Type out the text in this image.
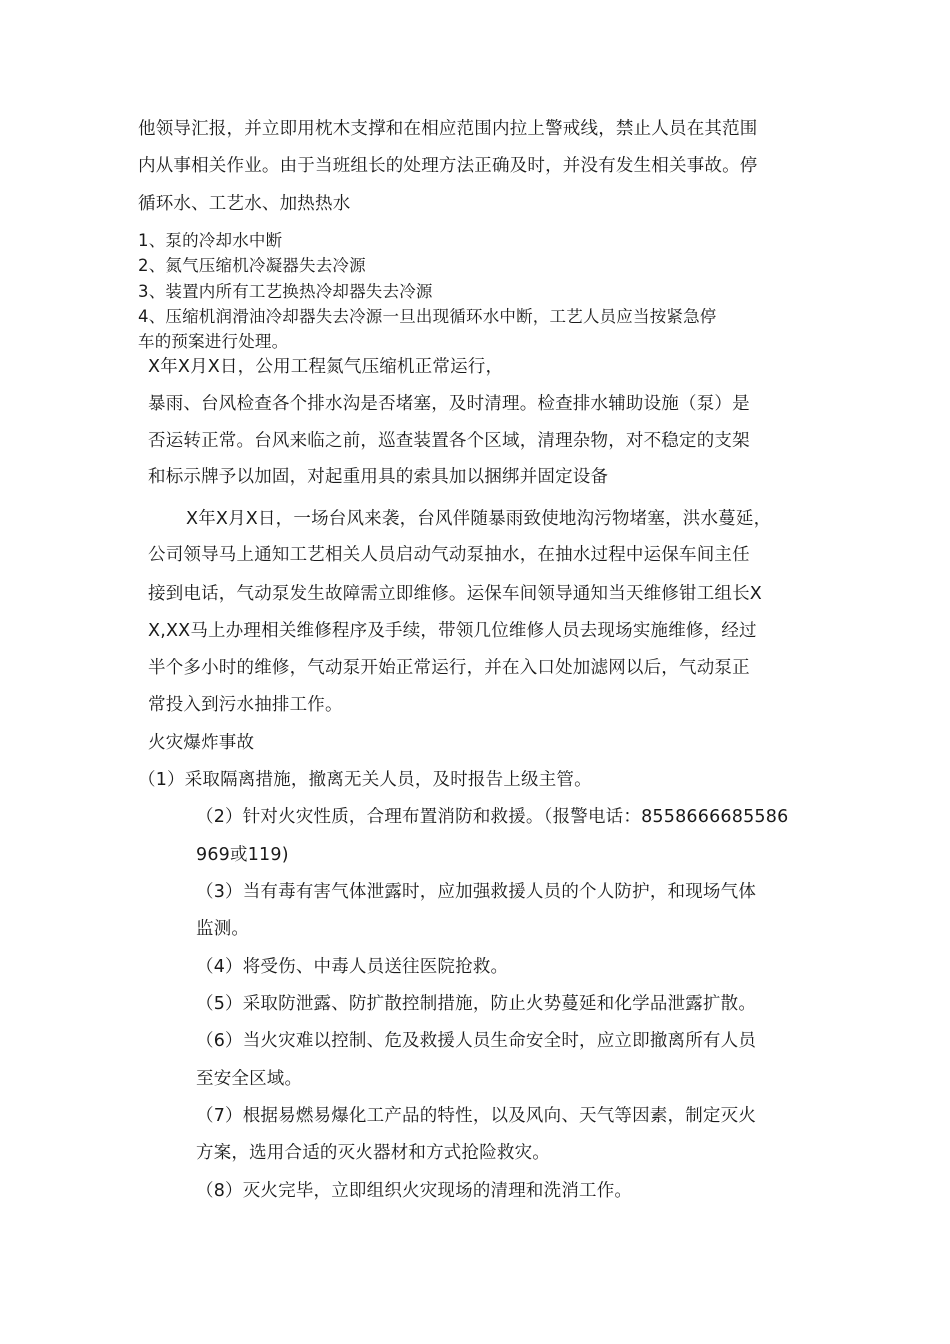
他领导汇报，并立即用枕木支撑和在相应范围内拉上警戒线，禁止人员在其范围
内从事相关作业。由于当班组长的处理方法正确及时，并没有发生相关事故。停
循环水、工艺水、加热热水
1、泵的冷却水中断
2、氮气压缩机冷凝器失去冷源
3、装置内所有工艺换热冷却器失去冷源
4、压缩机润滑油冷却器失去冷源一旦出现循环水中断，工艺人员应当按紧急停
车的预案进行处理。
X年X月X日，公用工程氮气压缩机正常运行，
暴雨、台风检查各个排水沟是否堵塞，及时清理。检查排水辅助设施（泵）是
否运转正常。台风来临之前，巡查装置各个区域，清理杂物，对不稳定的支架
和标示牌予以加固，对起重用具的索具加以捆绑并固定设备
X年X月X日，一场台风来袭，台风伴随暴雨致使地沟污物堵塞，洪水蔓延，
公司领导马上通知工艺相关人员启动气动泵抽水，在抽水过程中运保车间主任
接到电话，气动泵发生故障需立即维修。运保车间领导通知当天维修钳工组长X
X,XX马上办理相关维修程序及手续，带领几位维修人员去现场实施维修，经过
半个多小时的维修，气动泵开始正常运行，并在入口处加滤网以后，气动泵正
常投入到污水抽排工作。
火灾爆炸事故
（1）采取隔离措施，撤离无关人员，及时报告上级主管。
（2）针对火灾性质，合理布置消防和救援。（报警电话：8558666685586
969或119)
（3）当有毒有害气体泄露时，应加强救援人员的个人防护，和现场气体
监测。
（4）将受伤、中毒人员送往医院抢救。
（5）采取防泄露、防扩散控制措施，防止火势蔓延和化学品泄露扩散。
（6）当火灾难以控制、危及救援人员生命安全时，应立即撤离所有人员
至安全区域。
（7）根据易燃易爆化工产品的特性，以及风向、天气等因素，制定灭火
方案，选用合适的灭火器材和方式抢险救灾。
（8）灭火完毕，立即组织火灾现场的清理和洗消工作。
